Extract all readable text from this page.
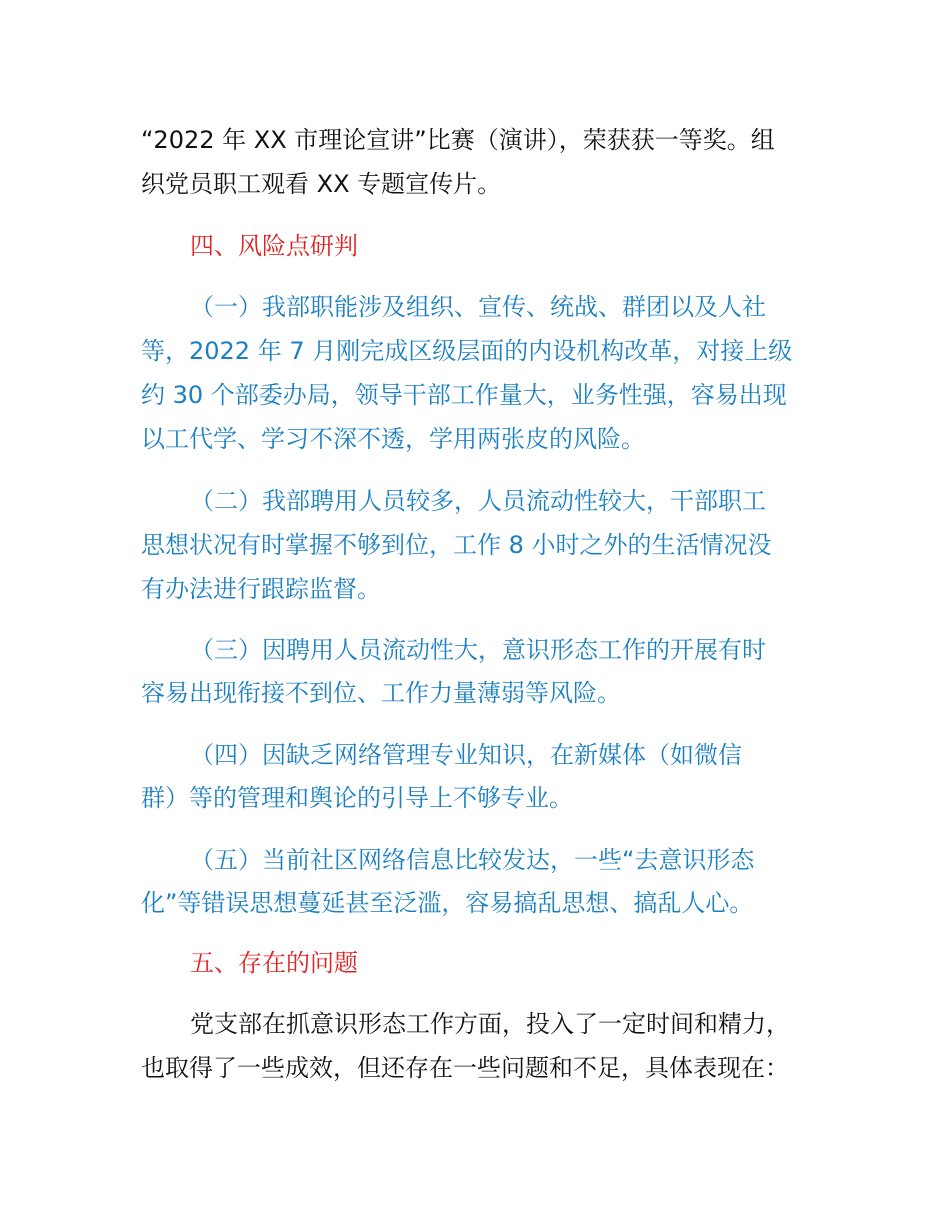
“2022 年 XX 市理论宣讲”比赛（演讲），荣获获一等奖。组
织党员职工观看 XX 专题宣传片。
四、风险点研判
（一）我部职能涉及组织、宣传、统战、群团以及人社
等，2022 年 7 月刚完成区级层面的内设机构改革，对接上级
约 30 个部委办局，领导干部工作量大，业务性强，容易出现
以工代学、学习不深不透，学用两张皮的风险。
（二）我部聘用人员较多，人员流动性较大，干部职工
思想状况有时掌握不够到位，工作 8 小时之外的生活情况没
有办法进行跟踪监督。
（三）因聘用人员流动性大，意识形态工作的开展有时
容易出现衔接不到位、工作力量薄弱等风险。
（四）因缺乏网络管理专业知识，在新媒体（如微信
群）等的管理和舆论的引导上不够专业。
（五）当前社区网络信息比较发达，一些“去意识形态
化”等错误思想蔓延甚至泛滥，容易搞乱思想、搞乱人心。
五、存在的问题
党支部在抓意识形态工作方面，投入了一定时间和精力，
也取得了一些成效，但还存在一些问题和不足，具体表现在：
